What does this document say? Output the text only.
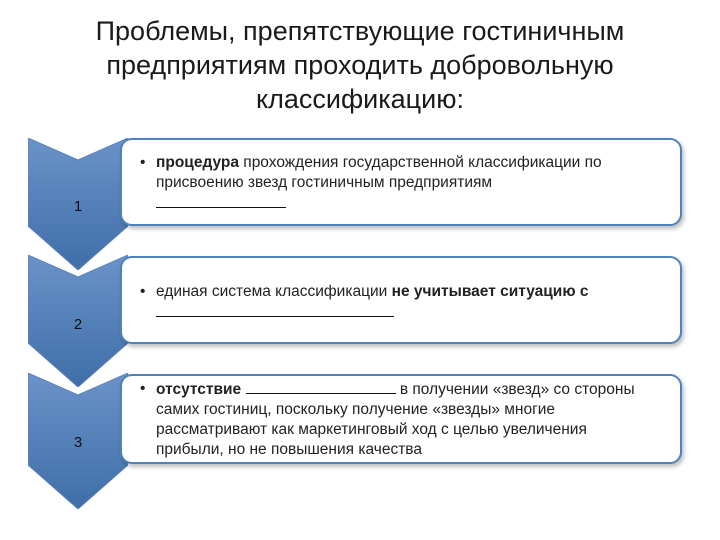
Проблемы, препятствующие гостиничным
предприятиям проходить добровольную
классификацию:
1
• процедура прохождения государственной классификации по присвоению звезд гостиничным предприятиям

2
• единая система классификации не учитывает ситуацию с

3
• отсутствие	в получении «звезд» со стороны самих гостиниц, поскольку получение «звезды» многие рассматривают как маркетинговый ход с целью увеличения прибыли, но не повышения качества
